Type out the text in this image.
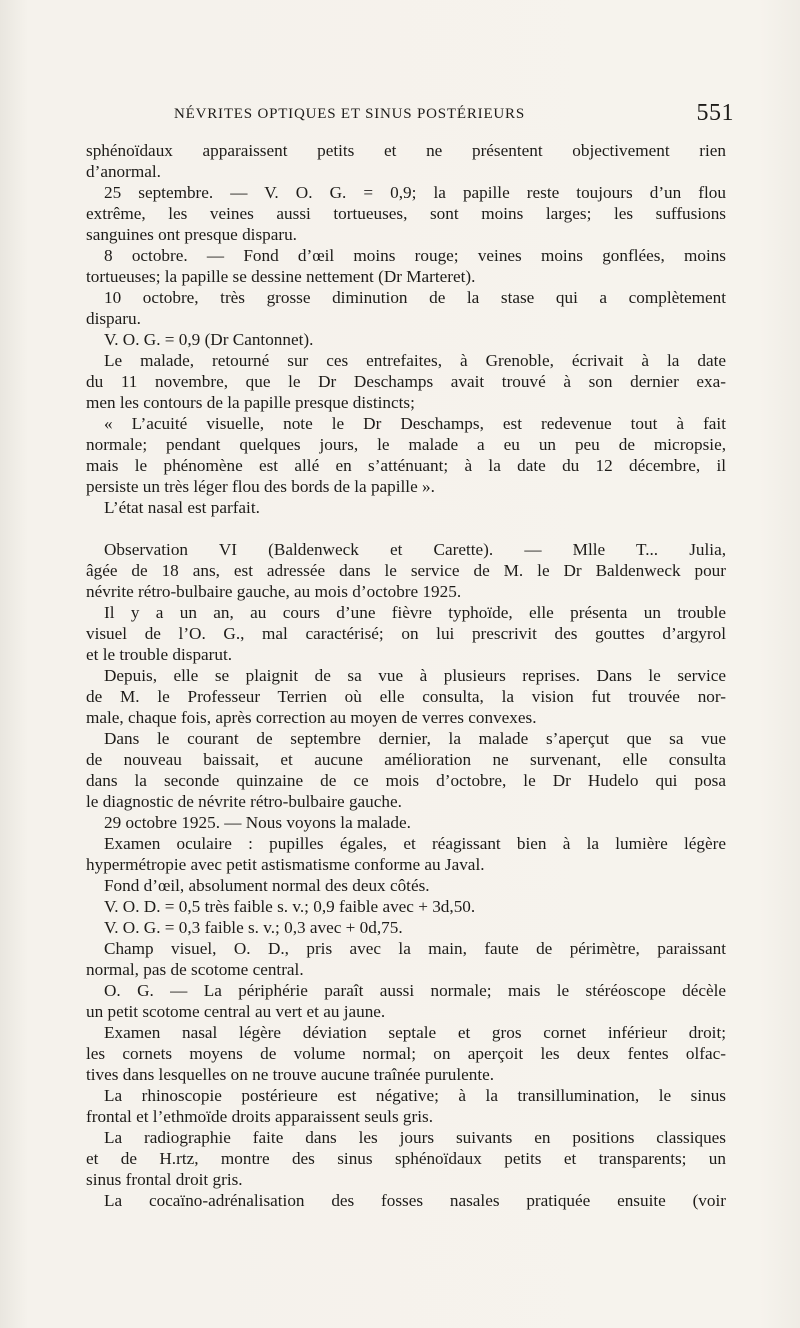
NÉVRITES OPTIQUES ET SINUS POSTÉRIEURS	551
sphénoïdaux apparaissent petits et ne présentent objectivement rien
d’anormal.
25 septembre. — V. O. G. = 0,9; la papille reste toujours d’un flou
extrême, les veines aussi tortueuses, sont moins larges; les suffusions
sanguines ont presque disparu.
8 octobre. — Fond d’œil moins rouge; veines moins gonflées, moins
tortueuses; la papille se dessine nettement (Dr Marteret).
10 octobre, très grosse diminution de la stase qui a complètement
disparu.
V. O. G. = 0,9 (Dr Cantonnet).
Le malade, retourné sur ces entrefaites, à Grenoble, écrivait à la date
du 11 novembre, que le Dr Deschamps avait trouvé à son dernier exa-
men les contours de la papille presque distincts;
« L’acuité visuelle, note le Dr Deschamps, est redevenue tout à fait
normale; pendant quelques jours, le malade a eu un peu de micropsie,
mais le phénomène est allé en s’atténuant; à la date du 12 décembre, il
persiste un très léger flou des bords de la papille ».
L’état nasal est parfait.
Observation VI (Baldenweck et Carette). — Mlle T... Julia,
âgée de 18 ans, est adressée dans le service de M. le Dr Baldenweck pour
névrite rétro-bulbaire gauche, au mois d’octobre 1925.
Il y a un an, au cours d’une fièvre typhoïde, elle présenta un trouble
visuel de l’O. G., mal caractérisé; on lui prescrivit des gouttes d’argyrol
et le trouble disparut.
Depuis, elle se plaignit de sa vue à plusieurs reprises. Dans le service
de M. le Professeur Terrien où elle consulta, la vision fut trouvée nor-
male, chaque fois, après correction au moyen de verres convexes.
Dans le courant de septembre dernier, la malade s’aperçut que sa vue
de nouveau baissait, et aucune amélioration ne survenant, elle consulta
dans la seconde quinzaine de ce mois d’octobre, le Dr Hudelo qui posa
le diagnostic de névrite rétro-bulbaire gauche.
29 octobre 1925. — Nous voyons la malade.
Examen oculaire : pupilles égales, et réagissant bien à la lumière légère
hypermétropie avec petit astismatisme conforme au Javal.
Fond d’œil, absolument normal des deux côtés.
V. O. D. = 0,5 très faible s. v.; 0,9 faible avec + 3d,50.
V. O. G. = 0,3 faible s. v.; 0,3 avec + 0d,75.
Champ visuel, O. D., pris avec la main, faute de périmètre, paraissant
normal, pas de scotome central.
O. G. — La périphérie paraît aussi normale; mais le stéréoscope décèle
un petit scotome central au vert et au jaune.
Examen nasal légère déviation septale et gros cornet inférieur droit;
les cornets moyens de volume normal; on aperçoit les deux fentes olfac-
tives dans lesquelles on ne trouve aucune traînée purulente.
La rhinoscopie postérieure est négative; à la transillumination, le sinus
frontal et l’ethmoïde droits apparaissent seuls gris.
La radiographie faite dans les jours suivants en positions classiques
et de H.rtz, montre des sinus sphénoïdaux petits et transparents; un
sinus frontal droit gris.
La cocaïno-adrénalisation des fosses nasales pratiquée ensuite (voir
